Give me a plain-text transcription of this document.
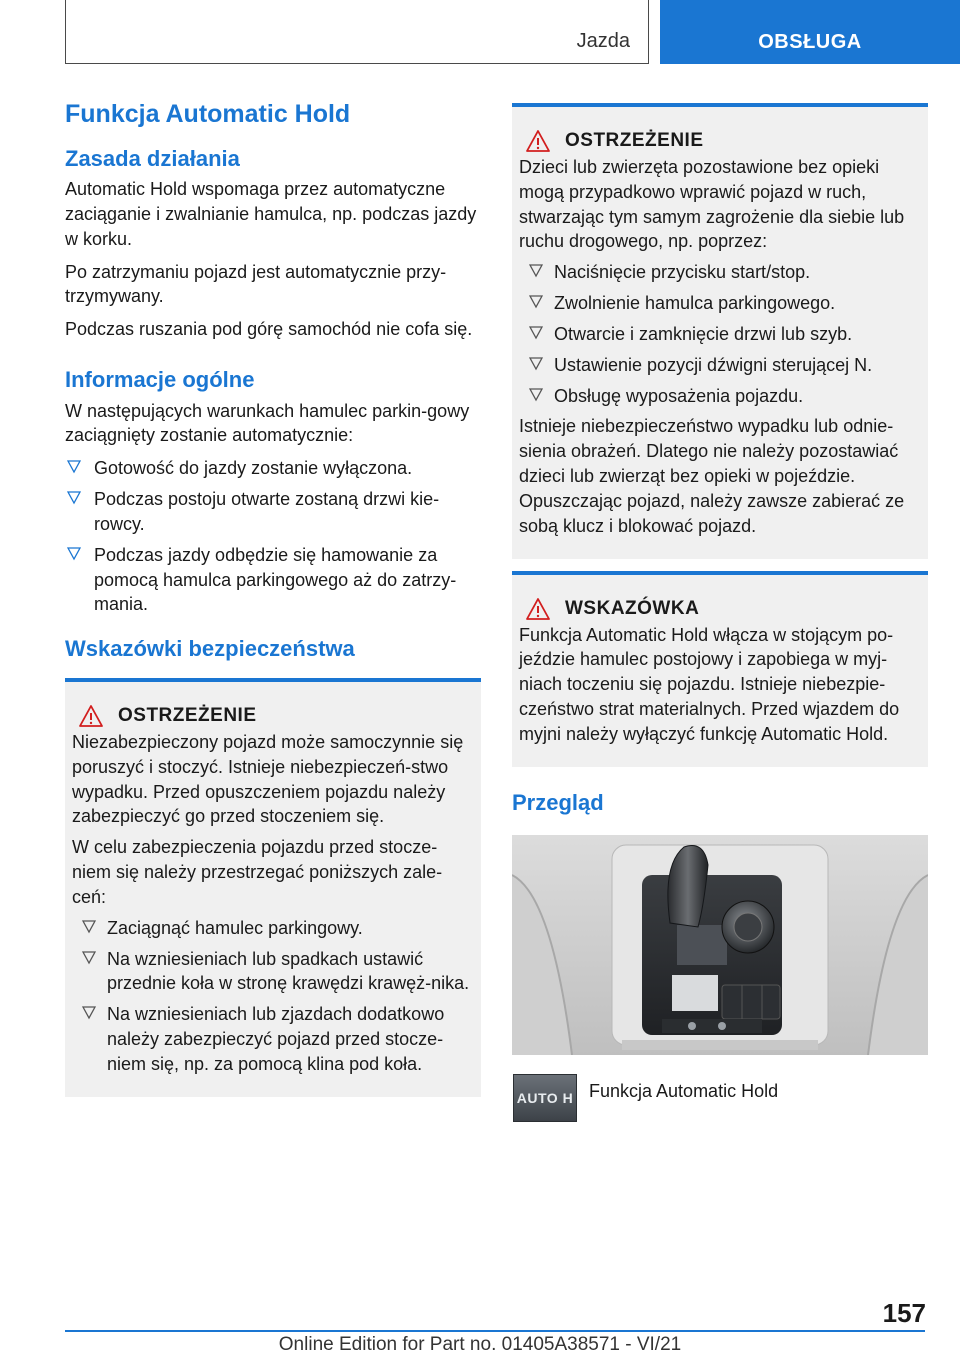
Jazda	OBSŁUGA
Funkcja Automatic Hold
Zasada działania

Automatic Hold wspomaga przez automatyczne zaciąganie i zwalnianie hamulca, np. podczas jazdy w korku.

Po zatrzymaniu pojazd jest automatycznie przy‐trzymywany.

Podczas ruszania pod górę samochód nie cofa się.

Informacje ogólne

W następujących warunkach hamulec parkin‐gowy zaciągnięty zostanie automatycznie:

Gotowość do jazdy zostanie wyłączona.
Podczas postoju otwarte zostaną drzwi kie‐rowcy.
Podczas jazdy odbędzie się hamowanie za pomocą hamulca parkingowego aż do zatrzy‐mania.
Wskazówki bezpieczeństwa
OSTRZEŻENIE

Niezabezpieczony pojazd może samoczynnie się poruszyć i stoczyć. Istnieje niebezpieczeń‐stwo wypadku. Przed opuszczeniem pojazdu należy zabezpieczyć go przed stoczeniem się.

W celu zabezpieczenia pojazdu przed stocze‐niem się należy przestrzegać poniższych zale‐ceń:

Zaciągnąć hamulec parkingowy.
Na wzniesieniach lub spadkach ustawić przednie koła w stronę krawędzi krawęż‐nika.
Na wzniesieniach lub zjazdach dodatkowo należy zabezpieczyć pojazd przed stocze‐niem się, np. za pomocą klina pod koła.
OSTRZEŻENIE

Dzieci lub zwierzęta pozostawione bez opieki mogą przypadkowo wprawić pojazd w ruch, stwarzając tym samym zagrożenie dla siebie lub ruchu drogowego, np. poprzez:

Naciśnięcie przycisku start/stop.
Zwolnienie hamulca parkingowego.
Otwarcie i zamknięcie drzwi lub szyb.
Ustawienie pozycji dźwigni sterującej N.
Obsługę wyposażenia pojazdu.

Istnieje niebezpieczeństwo wypadku lub odnie‐sienia obrażeń. Dlatego nie należy pozostawiać dzieci lub zwierząt bez opieki w pojeździe. Opuszczając pojazd, należy zawsze zabierać ze sobą klucz i blokować pojazd.

WSKAZÓWKA

Funkcja Automatic Hold włącza w stojącym po‐jeździe hamulec postojowy i zapobiega w myj‐niach toczeniu się pojazdu. Istnieje niebezpie‐czeństwo strat materialnych. Przed wjazdem do myjni należy wyłączyć funkcję Automatic Hold.

Przegląd
AUTO H Funkcja Automatic Hold
157
Online Edition for Part no. 01405A38571 - VI/21
